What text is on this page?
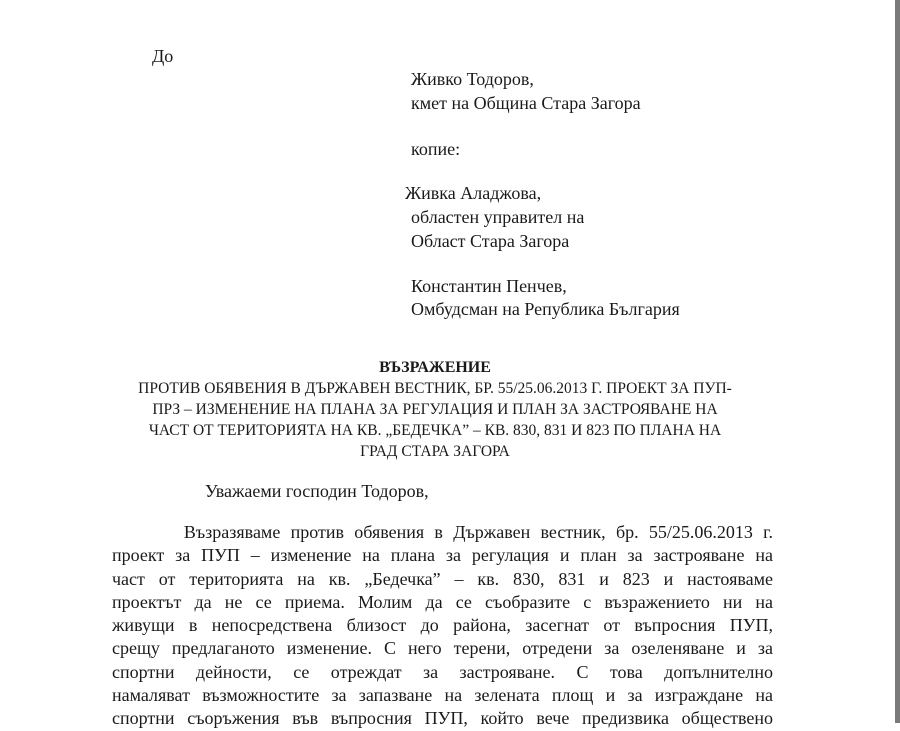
До
Живко Тодоров,
кмет на Община Стара Загора
копие:
Живка Аладжова,
областен управител на
Област Стара Загора
Константин Пенчев,
Омбудсман на Република България
ВЪЗРАЖЕНИЕ
ПРОТИВ ОБЯВЕНИЯ В ДЪРЖАВЕН ВЕСТНИК, БР. 55/25.06.2013 Г. ПРОЕКТ ЗА ПУП-
ПРЗ – ИЗМЕНЕНИЕ НА ПЛАНА ЗА РЕГУЛАЦИЯ И ПЛАН ЗА ЗАСТРОЯВАНЕ НА
ЧАСТ ОТ ТЕРИТОРИЯТА НА КВ. „БЕДЕЧКА” – КВ. 830, 831 И 823 ПО ПЛАНА НА
ГРАД СТАРА ЗАГОРА
Уважаеми господин Тодоров,
Възразяваме против обявения в Държавен вестник, бр. 55/25.06.2013 г.
проект за ПУП – изменение на плана за регулация и план за застрояване на
част от територията на кв. „Бедечка” – кв. 830, 831 и 823 и настояваме
проектът да не се приема. Молим да се съобразите с възражението ни на
живущи в непосредствена близост до района, засегнат от въпросния ПУП,
срещу предлаганото изменение. С него терени, отредени за озеленяване и за
спортни дейности, се отреждат за застрояване. С това допълнително
намаляват възможностите за запазване на зелената площ и за изграждане на
спортни съоръжения във въпросния ПУП, който вече предизвика обществено
